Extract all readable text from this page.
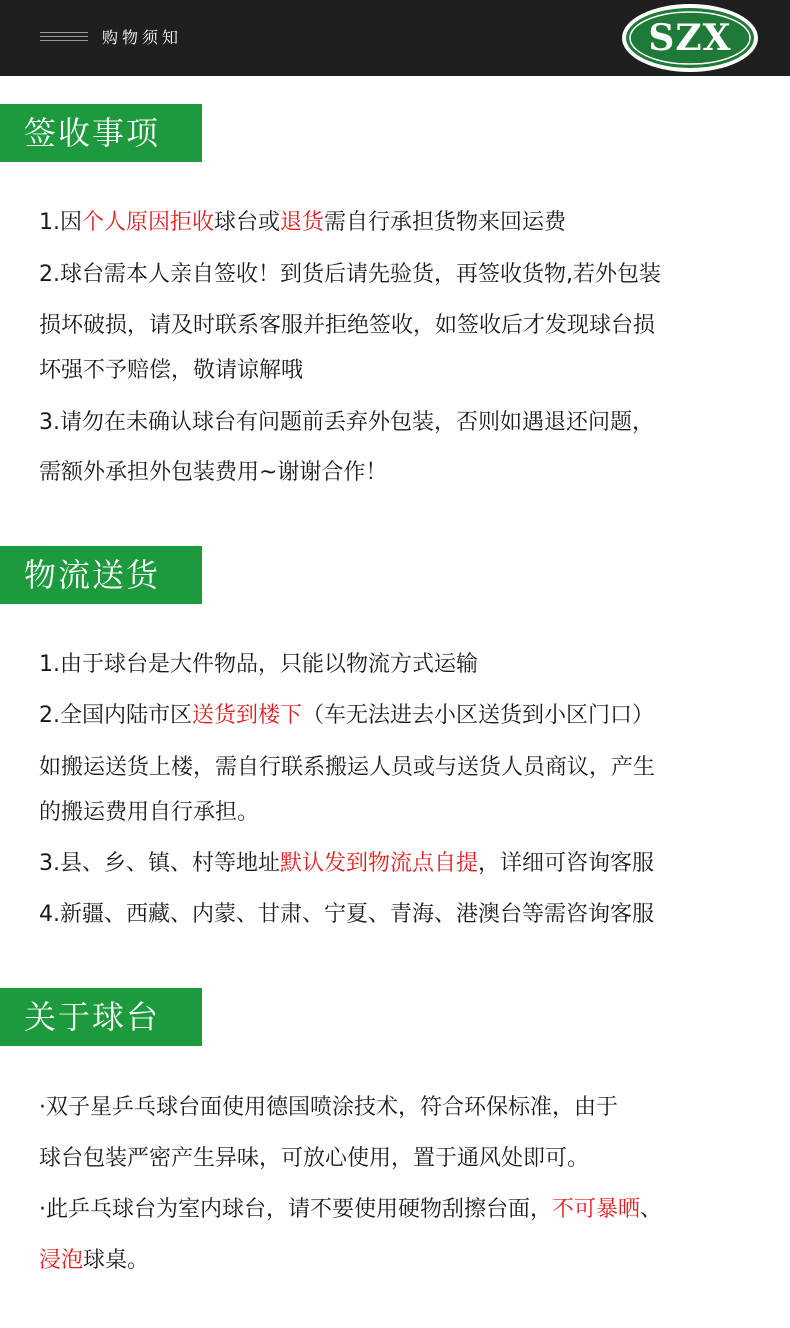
购物须知	SZX
签收事项
1.因个人原因拒收球台或退货需自行承担货物来回运费
2.球台需本人亲自签收！到货后请先验货，再签收货物,若外包装
损坏破损，请及时联系客服并拒绝签收，如签收后才发现球台损
坏强不予赔偿，敬请谅解哦
3.请勿在未确认球台有问题前丢弃外包装，否则如遇退还问题，
需额外承担外包装费用~谢谢合作！
物流送货
1.由于球台是大件物品，只能以物流方式运输
2.全国内陆市区送货到楼下（车无法进去小区送货到小区门口）
如搬运送货上楼，需自行联系搬运人员或与送货人员商议，产生
的搬运费用自行承担。
3.县、乡、镇、村等地址默认发到物流点自提，详细可咨询客服
4.新疆、西藏、内蒙、甘肃、宁夏、青海、港澳台等需咨询客服
关于球台
·双子星乒乓球台面使用德国喷涂技术，符合环保标准，由于
球台包装严密产生异味，可放心使用，置于通风处即可。
·此乒乓球台为室内球台，请不要使用硬物刮擦台面，不可暴晒、
浸泡球桌。
